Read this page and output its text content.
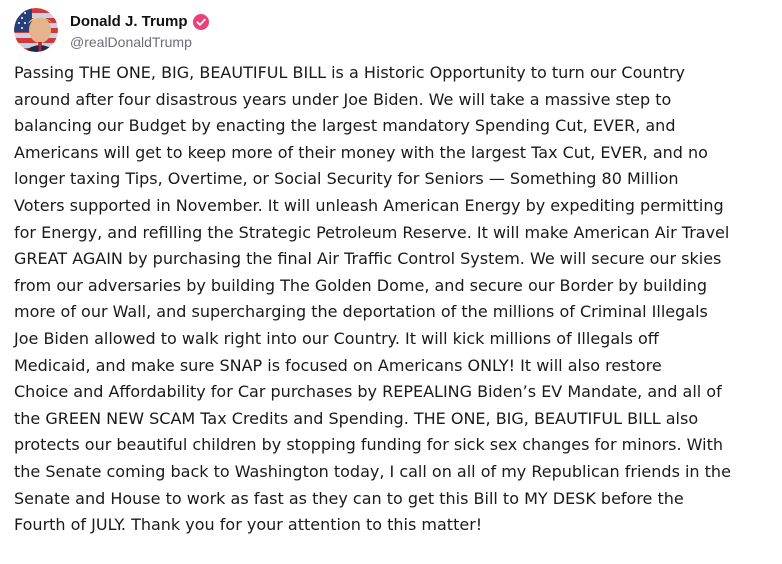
Donald J. Trump
@realDonaldTrump
Passing THE ONE, BIG, BEAUTIFUL BILL is a Historic Opportunity to turn our Country
around after four disastrous years under Joe Biden. We will take a massive step to
balancing our Budget by enacting the largest mandatory Spending Cut, EVER, and
Americans will get to keep more of their money with the largest Tax Cut, EVER, and no
longer taxing Tips, Overtime, or Social Security for Seniors — Something 80 Million
Voters supported in November. It will unleash American Energy by expediting permitting
for Energy, and refilling the Strategic Petroleum Reserve. It will make American Air Travel
GREAT AGAIN by purchasing the final Air Traffic Control System. We will secure our skies
from our adversaries by building The Golden Dome, and secure our Border by building
more of our Wall, and supercharging the deportation of the millions of Criminal Illegals
Joe Biden allowed to walk right into our Country. It will kick millions of Illegals off
Medicaid, and make sure SNAP is focused on Americans ONLY! It will also restore
Choice and Affordability for Car purchases by REPEALING Biden’s EV Mandate, and all of
the GREEN NEW SCAM Tax Credits and Spending. THE ONE, BIG, BEAUTIFUL BILL also
protects our beautiful children by stopping funding for sick sex changes for minors. With
the Senate coming back to Washington today, I call on all of my Republican friends in the
Senate and House to work as fast as they can to get this Bill to MY DESK before the
Fourth of JULY. Thank you for your attention to this matter!
